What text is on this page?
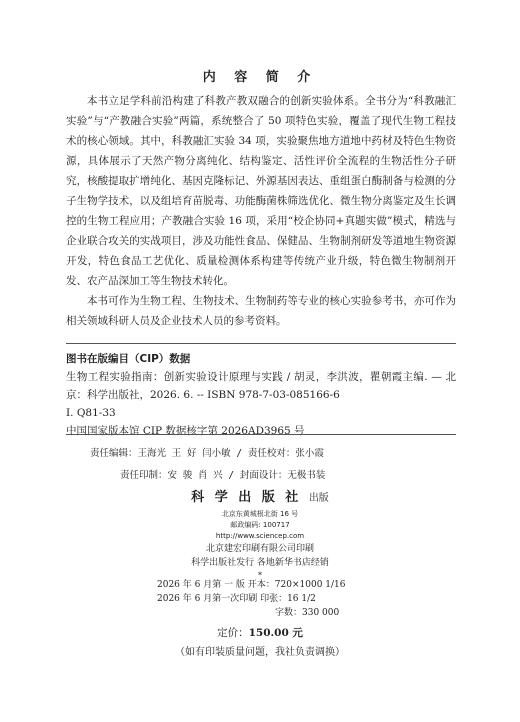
内 容 简 介

本书立足学科前沿构建了科教产教双融合的创新实验体系。全书分为“科教融汇实验”与“产教融合实验”两篇，系统整合了 50 项特色实验，覆盖了现代生物工程技术的核心领域。其中，科教融汇实验 34 项，实验聚焦地方道地中药材及特色生物资源，具体展示了天然产物分离纯化、结构鉴定、活性评价全流程的生物活性分子研究，核酸提取扩增纯化、基因克隆标记、外源基因表达、重组蛋白酶制备与检测的分子生物学技术，以及组培育苗脱毒、功能酶菌株筛选优化、微生物分离鉴定及生长调控的生物工程应用；产教融合实验 16 项，采用“校企协同+真题实做”模式，精选与企业联合攻关的实战项目，涉及功能性食品、保健品、生物制剂研发等道地生物资源开发，特色食品工艺优化、质量检测体系构建等传统产业升级，特色微生物制剂开发、农产品深加工等生物技术转化。

本书可作为生物工程、生物技术、生物制药等专业的核心实验参考书，亦可作为相关领域科研人员及企业技术人员的参考资料。

图书在版编目（CIP）数据
生物工程实验指南：创新实验设计原理与实践 / 胡灵，李洪波，瞿朝霞主编. — 北京：科学出版社，2026. 6. -- ISBN 978-7-03-085166-6
Ⅰ. Q81-33
中国国家版本馆 CIP 数据核字第 2026AD3965 号
责任编辑：王海光 王 好 闫小敏 / 责任校对：张小霞
责任印制：安 骏 肖 兴 / 封面设计：无极书装
科 学 出 版 社 出版
北京东黄城根北街 16 号
邮政编码: 100717
http://www.sciencep.com
北京建宏印刷有限公司印刷
科学出版社发行 各地新华书店经销
*
2026 年 6 月第 一 版 开本：720×1000 1/16
2026 年 6 月第一次印刷 印张：16 1/2
字数：330 000
定价：150.00 元
（如有印装质量问题，我社负责调换）
